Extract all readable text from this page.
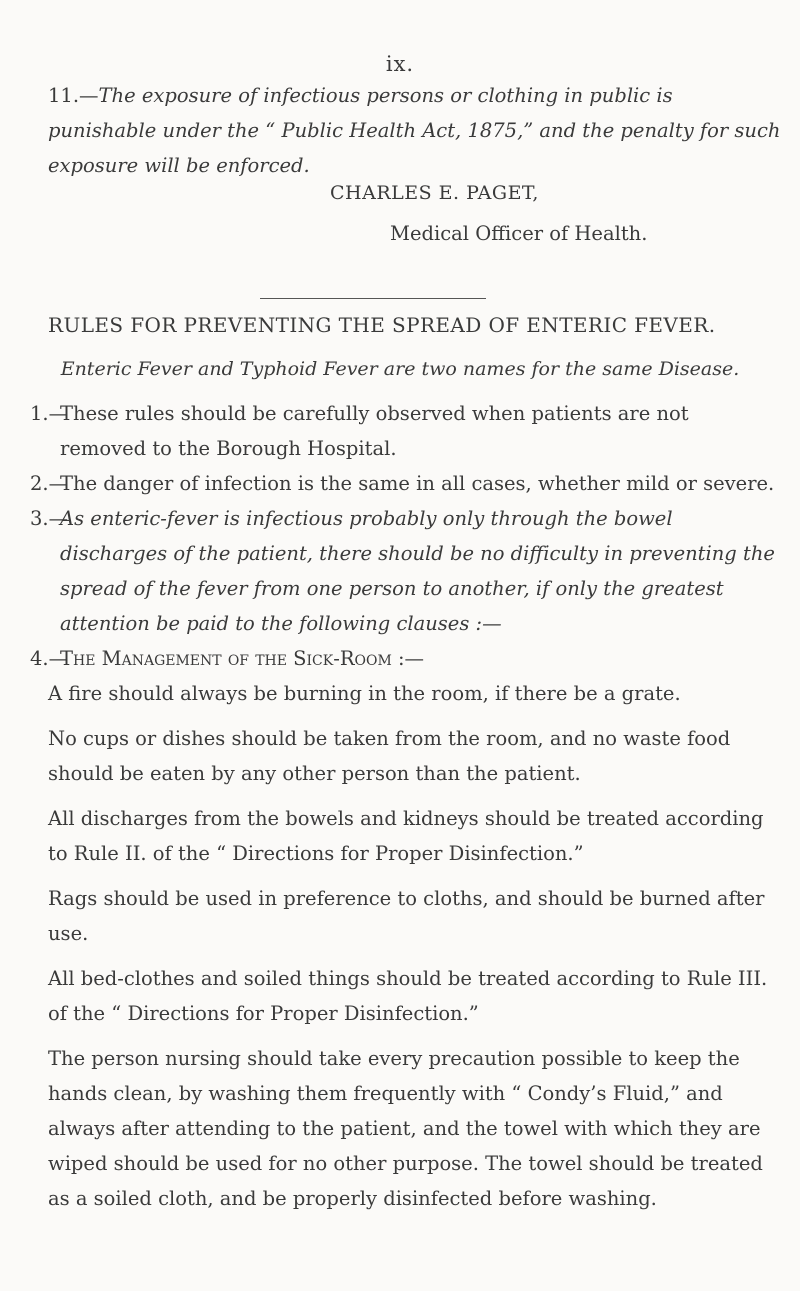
ix.

11.—The exposure of infectious persons or clothing in public is punishable under the “ Public Health Act, 1875,” and the penalty for such exposure will be enforced.

CHARLES E. PAGET,
Medical Officer of Health.
RULES FOR PREVENTING THE SPREAD OF ENTERIC FEVER.
Enteric Fever and Typhoid Fever are two names for the same Disease.
1.—
These rules should be carefully observed when patients are not removed to the Borough Hospital.
2.—
The danger of infection is the same in all cases, whether mild or severe.
3.—
As enteric-fever is infectious probably only through the bowel discharges of the patient, there should be no difficulty in preventing the spread of the fever from one person to another, if only the greatest attention be paid to the following clauses :—
4.—
The Management of the Sick-Room :—
A fire should always be burning in the room, if there be a grate.
No cups or dishes should be taken from the room, and no waste food should be eaten by any other person than the patient.
All discharges from the bowels and kidneys should be treated according to Rule II. of the “ Directions for Proper Disinfection.”
Rags should be used in preference to cloths, and should be burned after use.
All bed-clothes and soiled things should be treated according to Rule III. of the “ Directions for Proper Disinfection.”
The person nursing should take every precaution possible to keep the hands clean, by washing them frequently with “ Condy’s Fluid,” and always after attending to the patient, and the towel with which they are wiped should be used for no other purpose. The towel should be treated as a soiled cloth, and be properly disinfected before washing.
